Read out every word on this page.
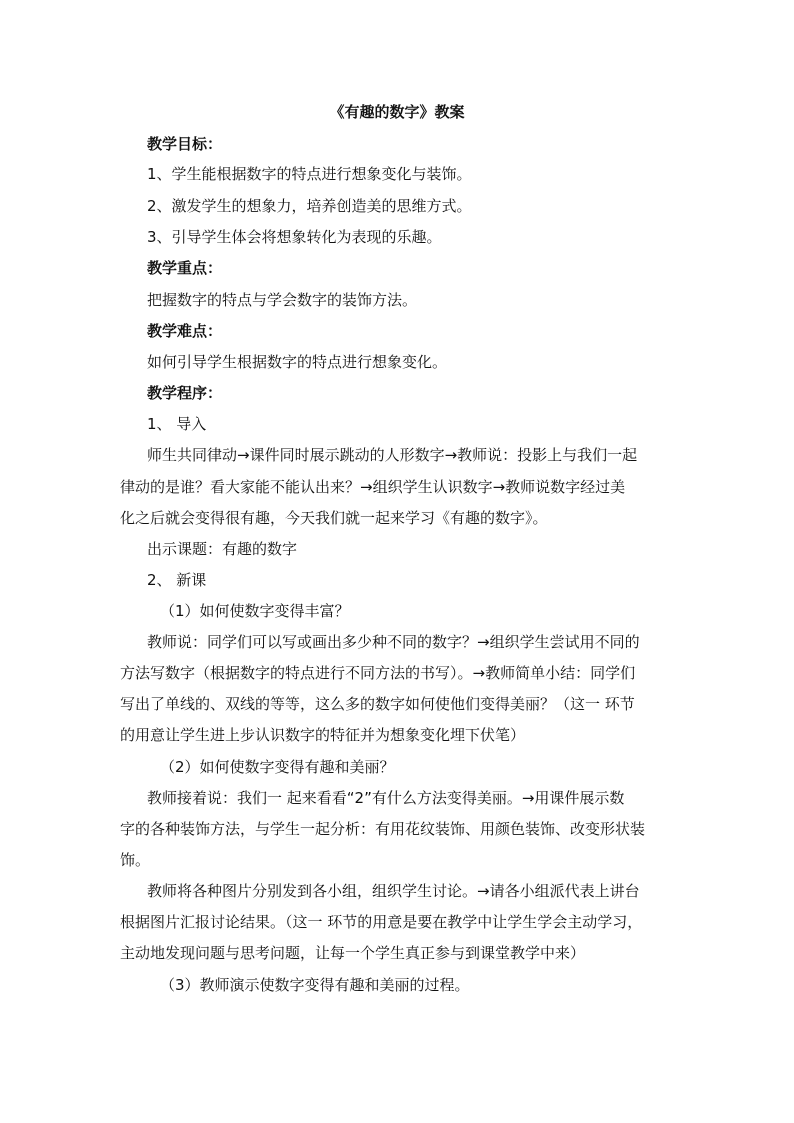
《有趣的数字》教案
教学目标：
1、学生能根据数字的特点进行想象变化与装饰。
2、激发学生的想象力，培养创造美的思维方式。
3、引导学生体会将想象转化为表现的乐趣。
教学重点：
把握数字的特点与学会数字的装饰方法。
教学难点：
如何引导学生根据数字的特点进行想象变化。
教学程序：
1、 导入
师生共同律动→课件同时展示跳动的人形数字→教师说：投影上与我们一起
律动的是谁？看大家能不能认出来？→组织学生认识数字→教师说数字经过美
化之后就会变得很有趣，今天我们就一起来学习《有趣的数字》。
出示课题：有趣的数字
2、 新课
（1）如何使数字变得丰富？
教师说：同学们可以写或画出多少种不同的数字？→组织学生尝试用不同的
方法写数字（根据数字的特点进行不同方法的书写）。→教师简单小结：同学们
写出了单线的、双线的等等，这么多的数字如何使他们变得美丽？（这一 环节
的用意让学生进上步认识数字的特征并为想象变化埋下伏笔）
（2）如何使数字变得有趣和美丽？
教师接着说：我们一 起来看看“2”有什么方法变得美丽。→用课件展示数
字的各种装饰方法，与学生一起分析：有用花纹装饰、用颜色装饰、改变形状装
饰。
教师将各种图片分别发到各小组，组织学生讨论。→请各小组派代表上讲台
根据图片汇报讨论结果。（这一 环节的用意是要在教学中让学生学会主动学习，
主动地发现问题与思考问题，让每一个学生真正参与到课堂教学中来）
（3）教师演示使数字变得有趣和美丽的过程。
